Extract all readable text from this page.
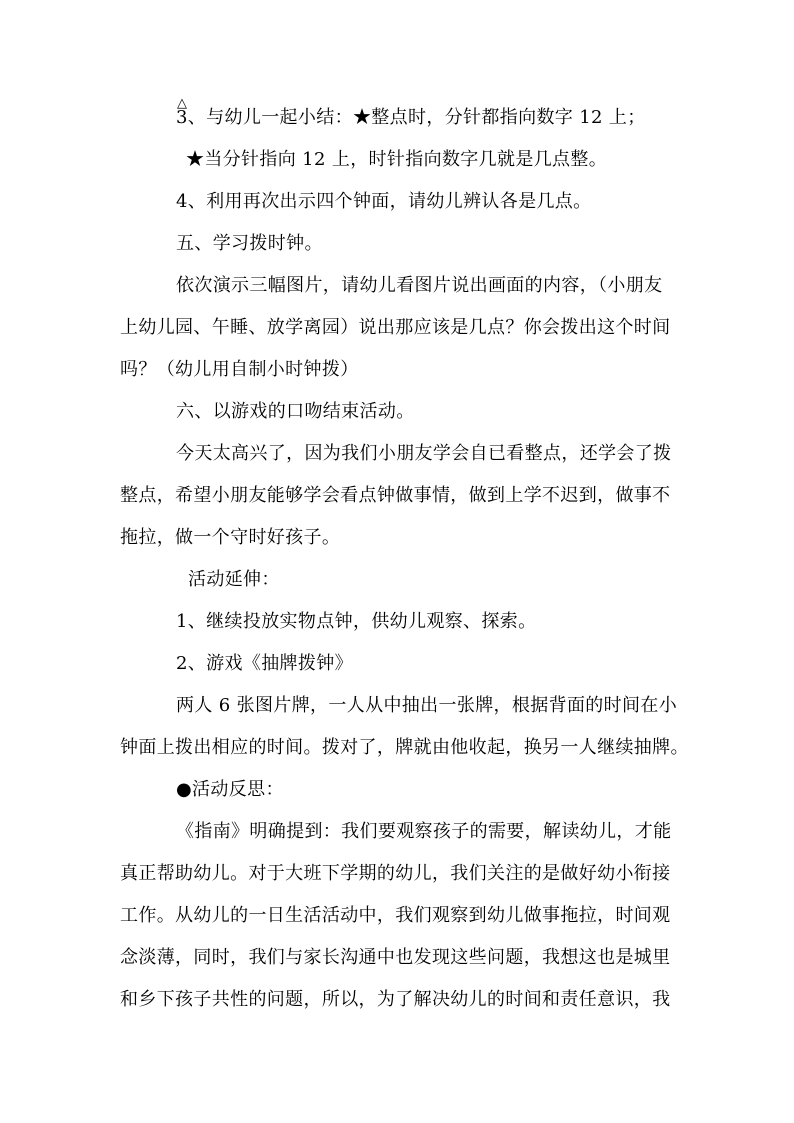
△
3、与幼儿一起小结：★整点时，分针都指向数字 12 上；
★当分针指向 12 上，时针指向数字几就是几点整。
4、利用再次出示四个钟面，请幼儿辨认各是几点。
五、学习拨时钟。
依次演示三幅图片，请幼儿看图片说出画面的内容，（小朋友
上幼儿园、午睡、放学离园）说出那应该是几点？你会拨出这个时间
吗？（幼儿用自制小时钟拨）
六、以游戏的口吻结束活动。
今天太高兴了，因为我们小朋友学会自已看整点，还学会了拨
整点，希望小朋友能够学会看点钟做事情，做到上学不迟到，做事不
拖拉，做一个守时好孩子。
活动延伸：
1、继续投放实物点钟，供幼儿观察、探索。
2、游戏《抽牌拨钟》
两人 6 张图片牌，一人从中抽出一张牌，根据背面的时间在小
钟面上拨出相应的时间。拨对了，牌就由他收起，换另一人继续抽牌。
●活动反思：
《指南》明确提到：我们要观察孩子的需要，解读幼儿，才能
真正帮助幼儿。对于大班下学期的幼儿，我们关注的是做好幼小衔接
工作。从幼儿的一日生活活动中，我们观察到幼儿做事拖拉，时间观
念淡薄，同时，我们与家长沟通中也发现这些问题，我想这也是城里
和乡下孩子共性的问题，所以，为了解决幼儿的时间和责任意识，我
